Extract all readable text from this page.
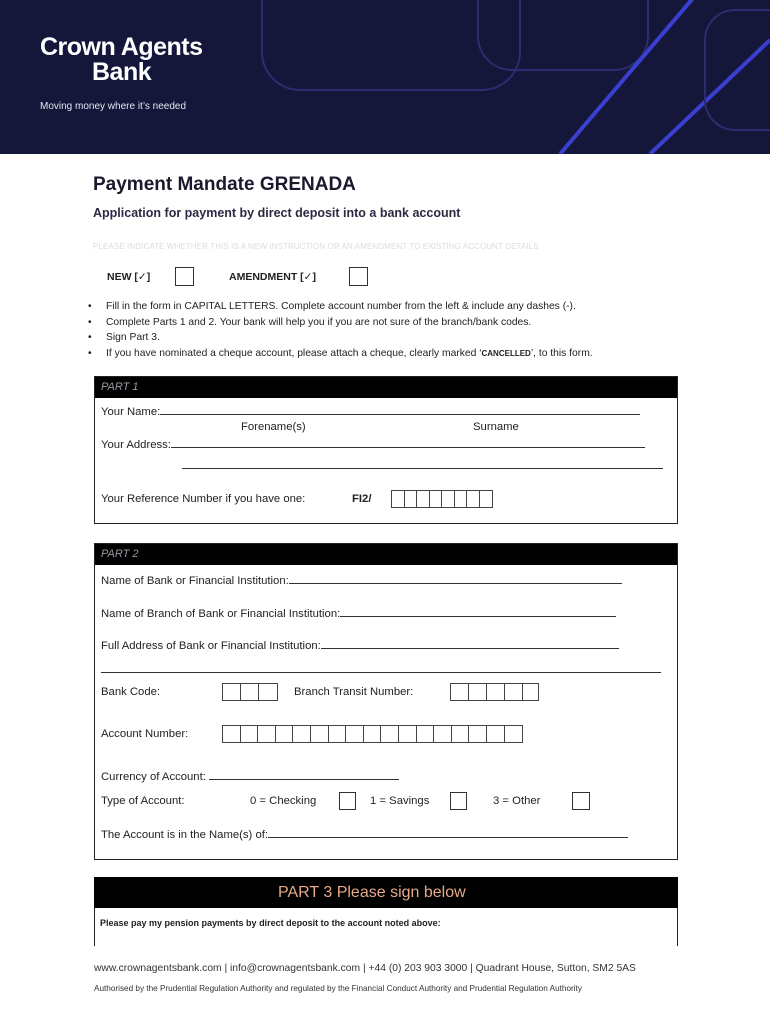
Crown Agents
Bank
Moving money where it’s needed
Payment Mandate GRENADA
Application for payment by direct deposit into a bank account
PLEASE INDICATE WHETHER THIS IS A NEW INSTRUCTION OR AN AMENDMENT TO EXISTING ACCOUNT DETAILS
NEW [✓]	AMENDMENT [✓]
• Fill in the form in CAPITAL LETTERS. Complete account number from the left & include any dashes (-).
• Complete Parts 1 and 2. Your bank will help you if you are not sure of the branch/bank codes.
• Sign Part 3.
• If you have nominated a cheque account, please attach a cheque, clearly marked ‘CANCELLED’, to this form.
PART 1
Your Name:
Forename(s)	Surname
Your Address:
Your Reference Number if you have one:	FI2/
PART 2
Name of Bank or Financial Institution:
Name of Branch of Bank or Financial Institution:
Full Address of Bank or Financial Institution:
Bank Code:	Branch Transit Number:
Account Number:
Currency of Account:
Type of Account:	0 = Checking	1 = Savings	3 = Other
The Account is in the Name(s) of:
PART 3 Please sign below
Please pay my pension payments by direct deposit to the account noted above:
www.crownagentsbank.com | info@crownagentsbank.com | +44 (0) 203 903 3000 | Quadrant House, Sutton, SM2 5AS
Authorised by the Prudential Regulation Authority and regulated by the Financial Conduct Authority and Prudential Regulation Authority
